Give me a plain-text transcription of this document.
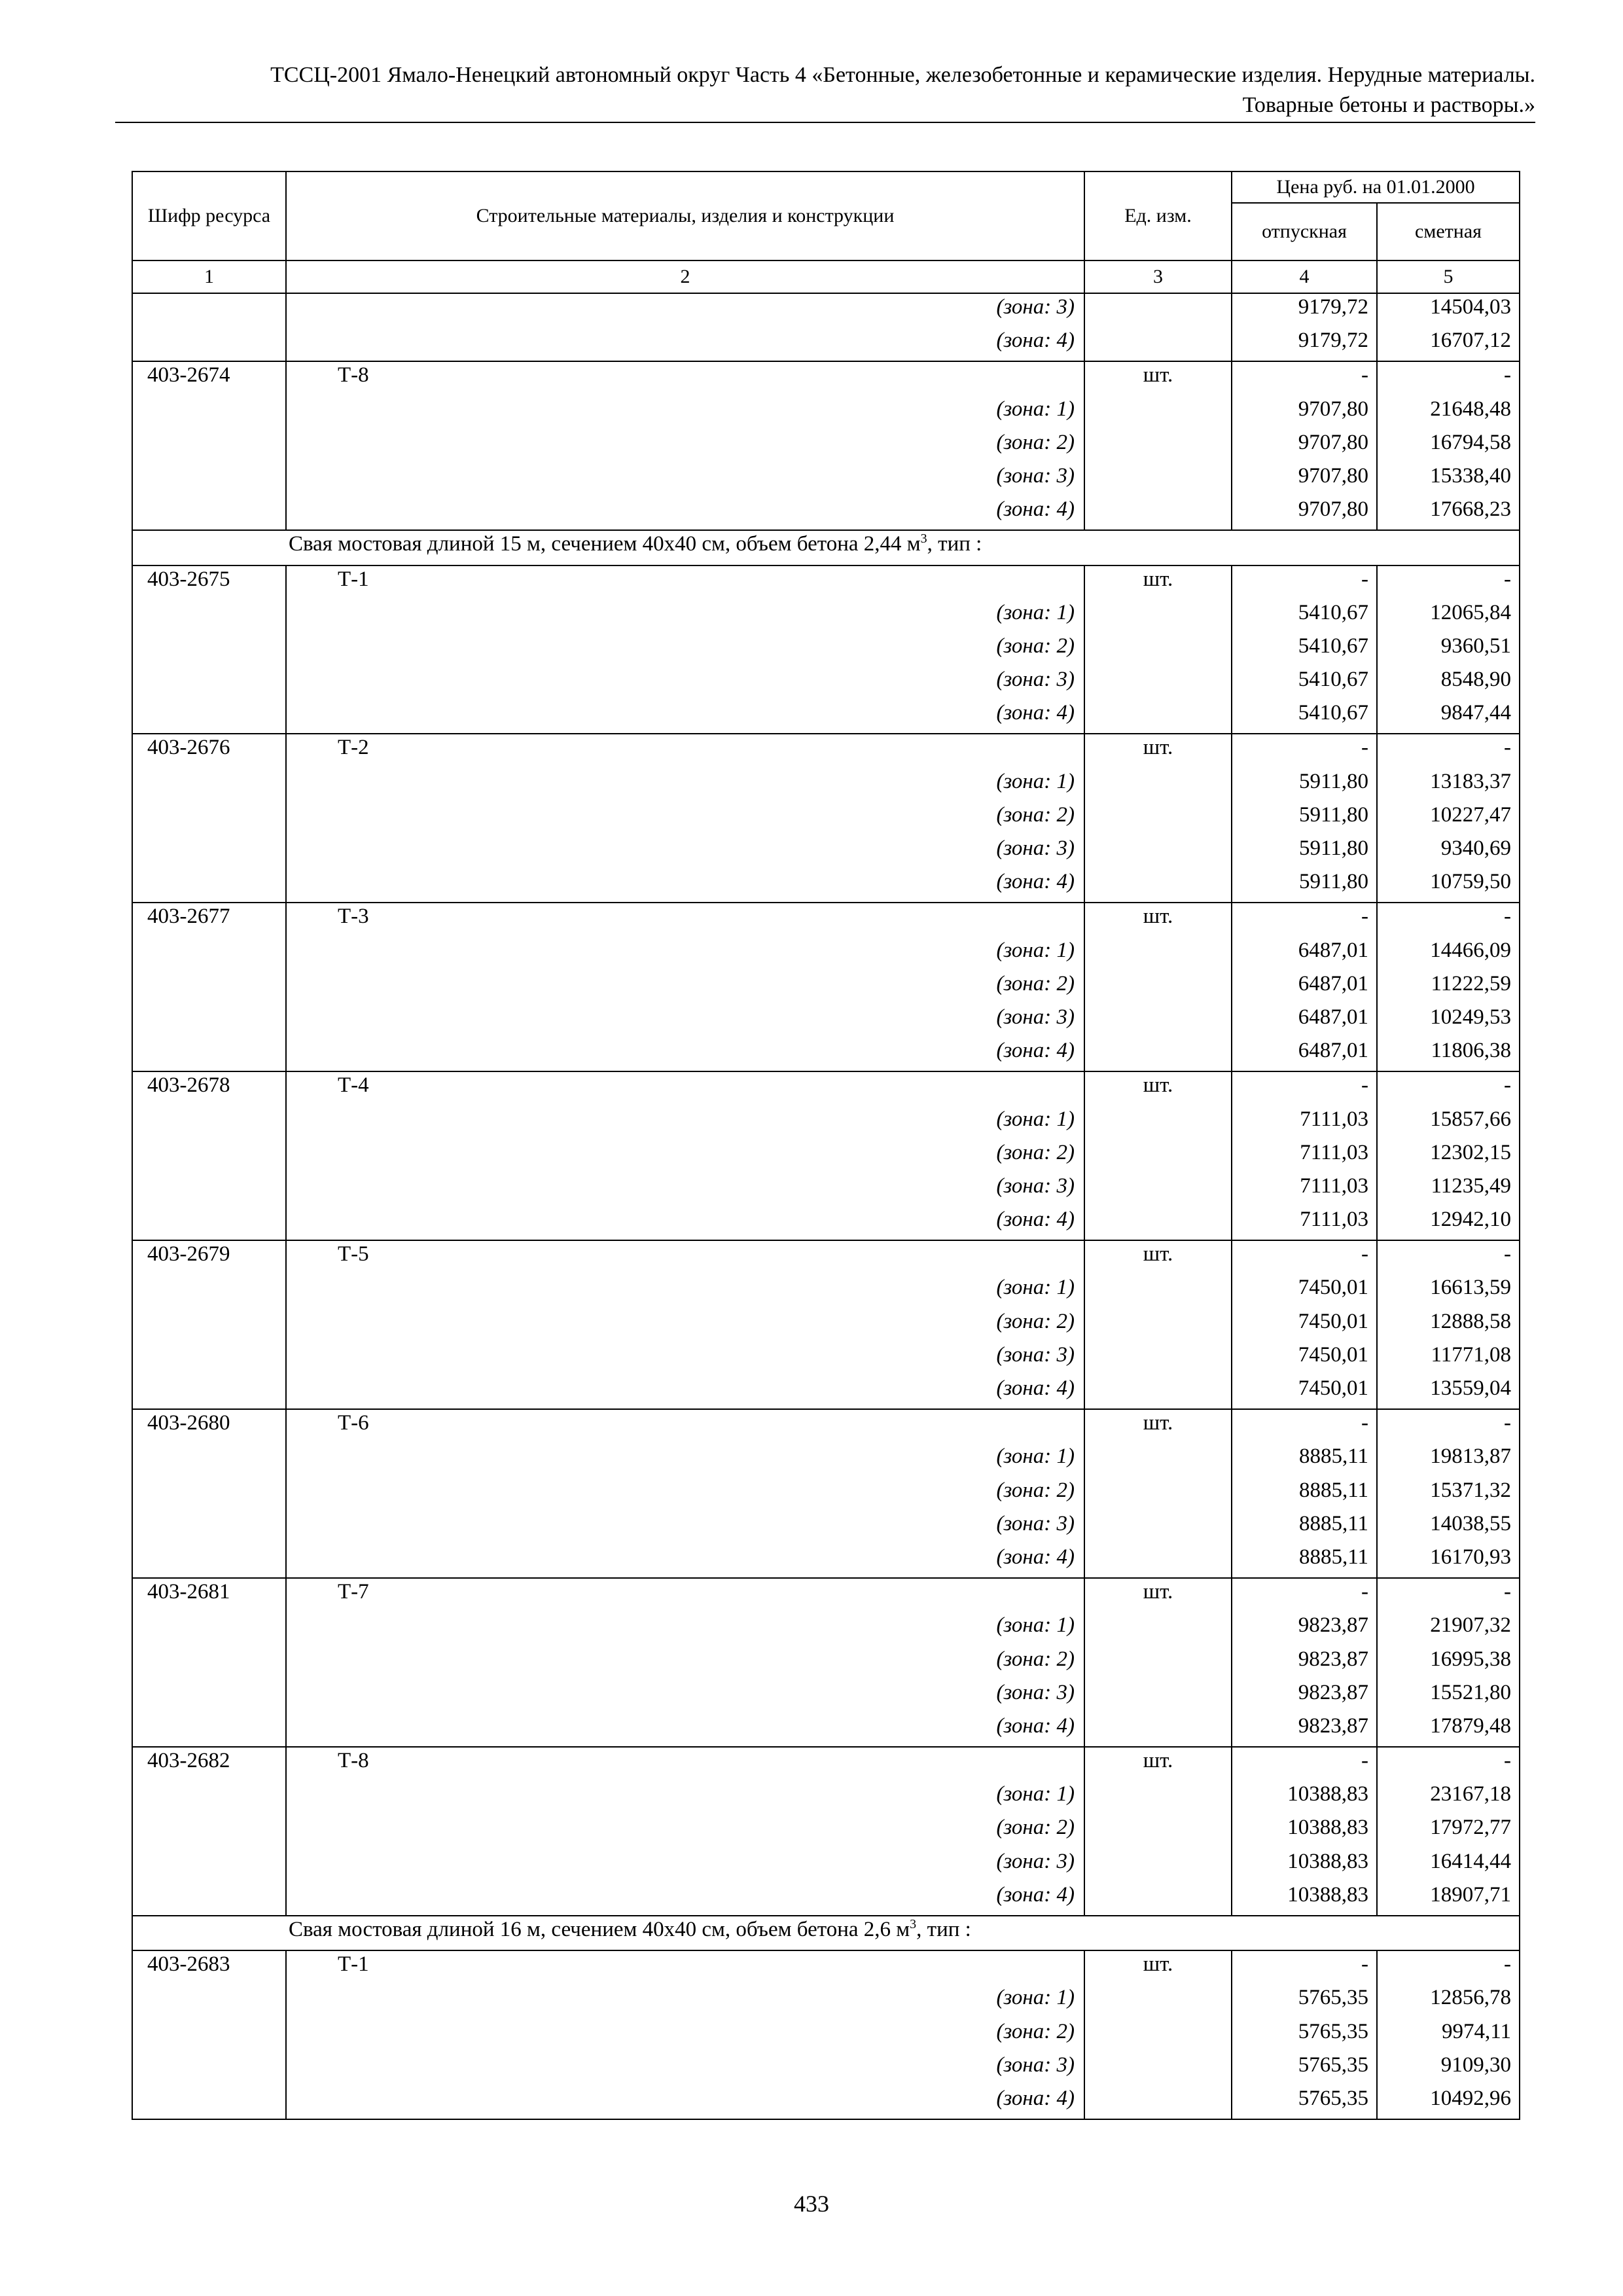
ТССЦ-2001 Ямало-Ненецкий автономный округ Часть 4 «Бетонные, железобетонные и керамические изделия. Нерудные материалы.
Товарные бетоны и растворы.»
Шифр ресурса	Строительные материалы, изделия и конструкции	Ед. изм.	Цена руб. на 01.01.2000	
			отпускная	сметная
1	2	3	4	5
	(зона: 3)		9179,72	14504,03
	(зона: 4)		9179,72	16707,12
403-2674	Т-8	шт.	-	-
	(зона: 1)		9707,80	21648,48
	(зона: 2)		9707,80	16794,58
	(зона: 3)		9707,80	15338,40
	(зона: 4)		9707,80	17668,23
Свая мостовая длиной 15 м, сечением 40х40 см, объем бетона 2,44 $м^3$, тип :				
403-2675	Т-1	шт.	-	-
	(зона: 1)		5410,67	12065,84
	(зона: 2)		5410,67	9360,51
	(зона: 3)		5410,67	8548,90
	(зона: 4)		5410,67	9847,44
403-2676	Т-2	шт.	-	-
	(зона: 1)		5911,80	13183,37
	(зона: 2)		5911,80	10227,47
	(зона: 3)		5911,80	9340,69
	(зона: 4)		5911,80	10759,50
403-2677	Т-3	шт.	-	-
	(зона: 1)		6487,01	14466,09
	(зона: 2)		6487,01	11222,59
	(зона: 3)		6487,01	10249,53
	(зона: 4)		6487,01	11806,38
403-2678	Т-4	шт.	-	-
	(зона: 1)		7111,03	15857,66
	(зона: 2)		7111,03	12302,15
	(зона: 3)		7111,03	11235,49
	(зона: 4)		7111,03	12942,10
403-2679	Т-5	шт.	-	-
	(зона: 1)		7450,01	16613,59
	(зона: 2)		7450,01	12888,58
	(зона: 3)		7450,01	11771,08
	(зона: 4)		7450,01	13559,04
403-2680	Т-6	шт.	-	-
	(зона: 1)		8885,11	19813,87
	(зона: 2)		8885,11	15371,32
	(зона: 3)		8885,11	14038,55
	(зона: 4)		8885,11	16170,93
403-2681	Т-7	шт.	-	-
	(зона: 1)		9823,87	21907,32
	(зона: 2)		9823,87	16995,38
	(зона: 3)		9823,87	15521,80
	(зона: 4)		9823,87	17879,48
403-2682	Т-8	шт.	-	-
	(зона: 1)		10388,83	23167,18
	(зона: 2)		10388,83	17972,77
	(зона: 3)		10388,83	16414,44
	(зона: 4)		10388,83	18907,71
Свая мостовая длиной 16 м, сечением 40х40 см, объем бетона 2,6 $м^3$, тип :				
403-2683	Т-1	шт.	-	-
	(зона: 1)		5765,35	12856,78
	(зона: 2)		5765,35	9974,11
	(зона: 3)		5765,35	9109,30
	(зона: 4)		5765,35	10492,96
433
